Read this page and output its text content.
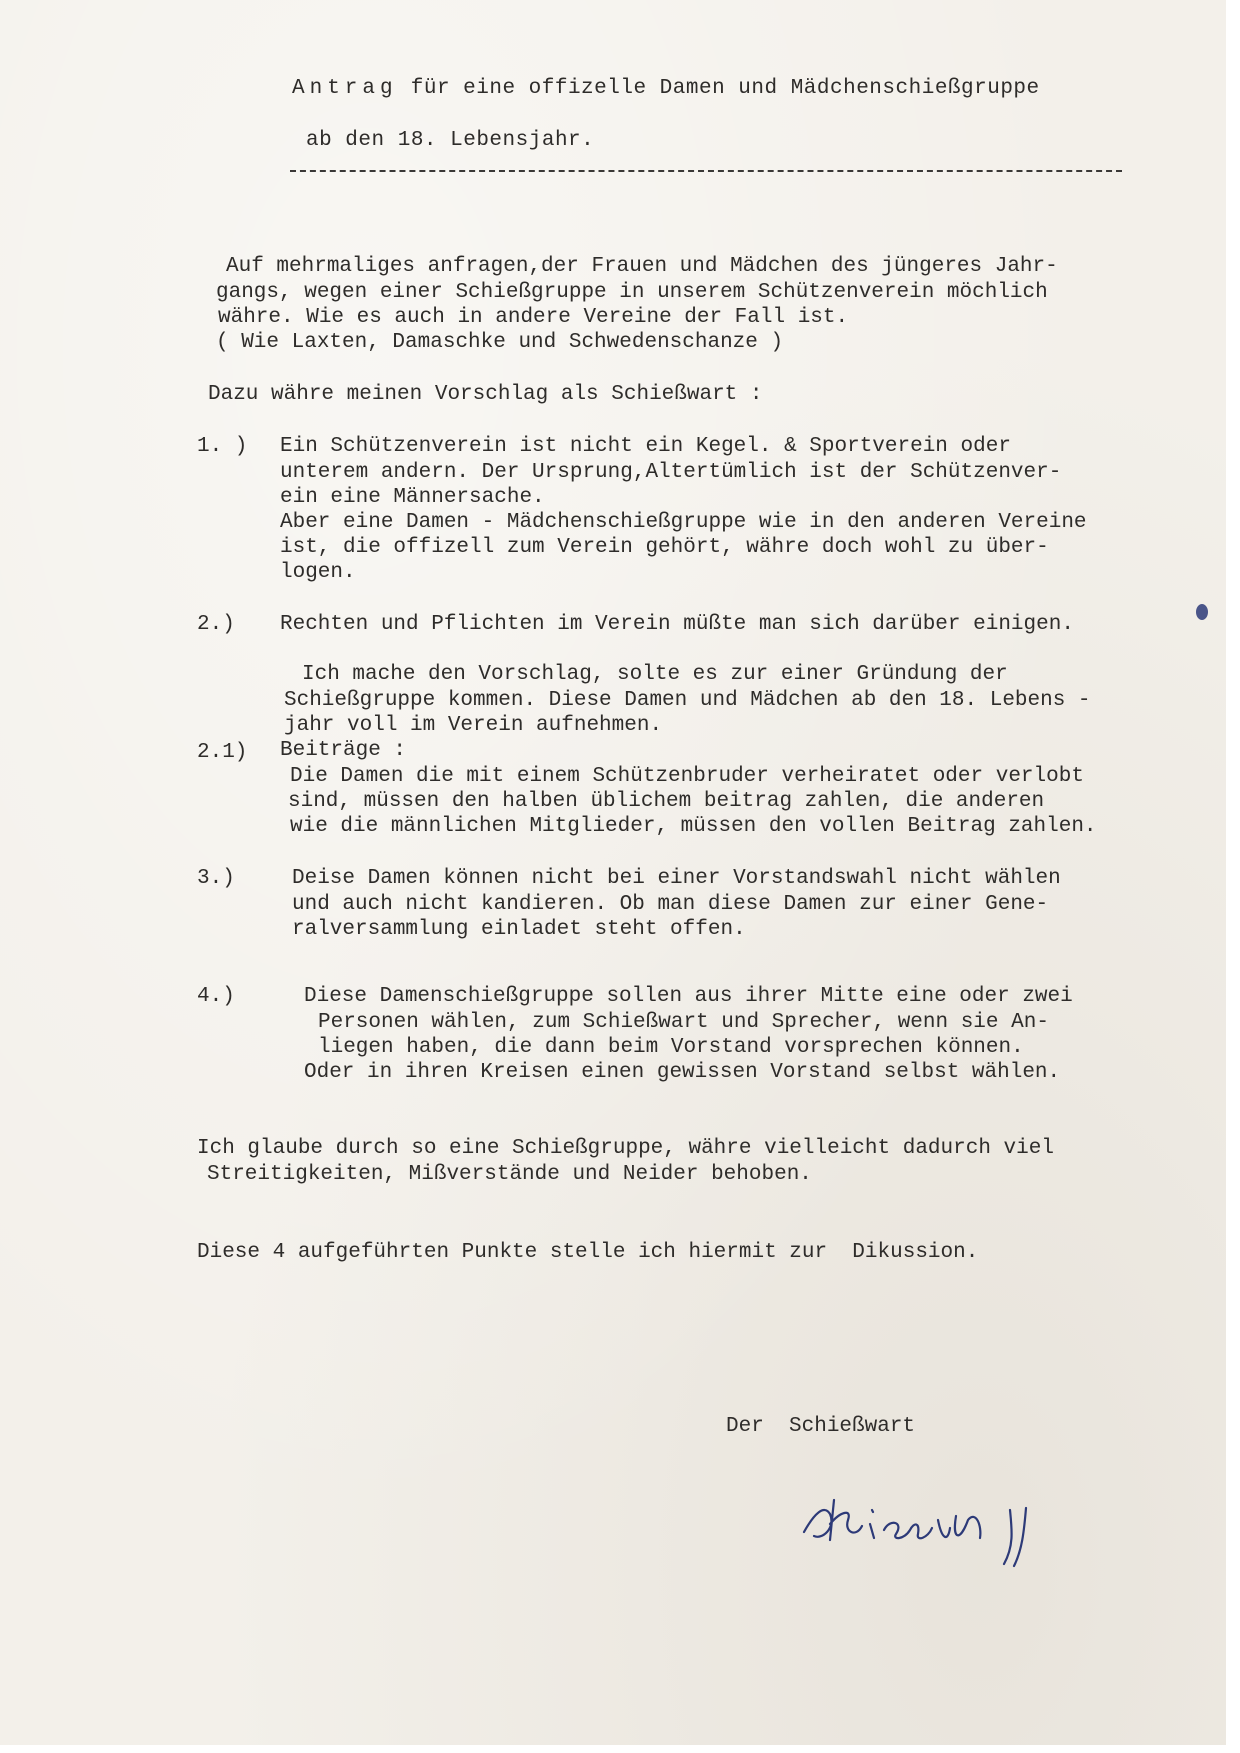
Antrag für eine offizelle Damen und Mädchenschießgruppe
ab den 18. Lebensjahr.
Auf mehrmaliges anfragen,der Frauen und Mädchen des jüngeres Jahr-
gangs, wegen einer Schießgruppe in unserem Schützenverein möchlich
währe. Wie es auch in andere Vereine der Fall ist.
( Wie Laxten, Damaschke und Schwedenschanze )
Dazu währe meinen Vorschlag als Schießwart :
1. ) Ein Schützenverein ist nicht ein Kegel. & Sportverein oder
unterem andern. Der Ursprung,Altertümlich ist der Schützenver-
ein eine Männersache.
Aber eine Damen - Mädchenschießgruppe wie in den anderen Vereine
ist, die offizell zum Verein gehört, währe doch wohl zu über-
logen.
2.) Rechten und Pflichten im Verein müßte man sich darüber einigen.
Ich mache den Vorschlag, solte es zur einer Gründung der
Schießgruppe kommen. Diese Damen und Mädchen ab den 18. Lebens -
jahr voll im Verein aufnehmen.
2.1) Beiträge :
Die Damen die mit einem Schützenbruder verheiratet oder verlobt
sind, müssen den halben üblichem beitrag zahlen, die anderen
wie die männlichen Mitglieder, müssen den vollen Beitrag zahlen.
3.)	Deise Damen können nicht bei einer Vorstandswahl nicht wählen
und auch nicht kandieren. Ob man diese Damen zur einer Gene-
ralversammlung einladet steht offen.
4.)	Diese Damenschießgruppe sollen aus ihrer Mitte eine oder zwei
Personen wählen, zum Schießwart und Sprecher, wenn sie An-
liegen haben, die dann beim Vorstand vorsprechen können.
Oder in ihren Kreisen einen gewissen Vorstand selbst wählen.
Ich glaube durch so eine Schießgruppe, währe vielleicht dadurch viel
Streitigkeiten, Mißverstände und Neider behoben.
Diese 4 aufgeführten Punkte stelle ich hiermit zur  Dikussion.
Der  Schießwart
